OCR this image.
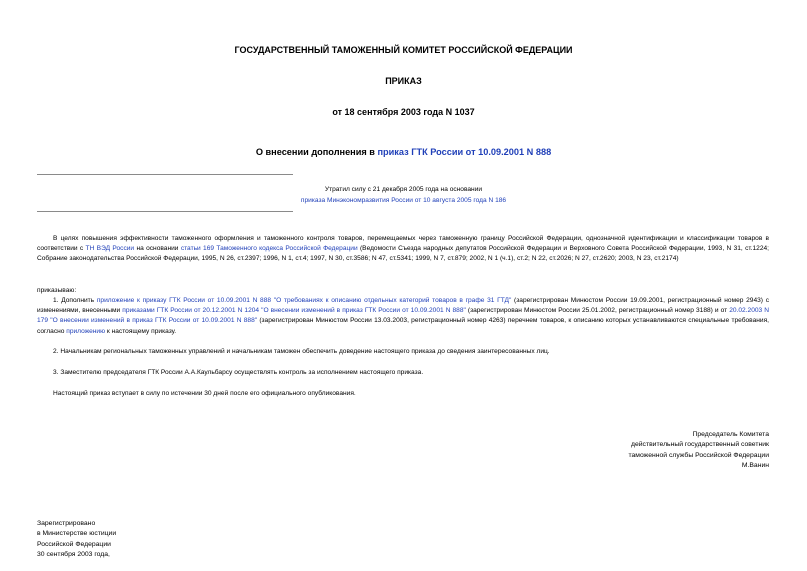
ГОСУДАРСТВЕННЫЙ ТАМОЖЕННЫЙ КОМИТЕТ РОССИЙСКОЙ ФЕДЕРАЦИИ
ПРИКАЗ
от 18 сентября 2003 года N 1037
О внесении дополнения в приказ ГТК России от 10.09.2001 N 888
Утратил силу с 21 декабря 2005 года на основании
приказа Минэкономразвития России от 10 августа 2005 года N 186
В целях повышения эффективности таможенного оформления и таможенного контроля товаров, перемещаемых через таможенную границу Российской Федерации, однозначной идентификации и классификации товаров в соответствии с ТН ВЭД России на основании статьи 169 Таможенного кодекса Российской Федерации (Ведомости Съезда народных депутатов Российской Федерации и Верховного Совета Российской Федерации, 1993, N 31, ст.1224; Собрание законодательства Российской Федерации, 1995, N 26, ст.2397; 1996, N 1, ст.4; 1997, N 30, ст.3586; N 47, ст.5341; 1999, N 7, ст.879; 2002, N 1 (ч.1), ст.2; N 22, ст.2026; N 27, ст.2620; 2003, N 23, ст.2174)
приказываю:
1. Дополнить приложение к приказу ГТК России от 10.09.2001 N 888 "О требованиях к описанию отдельных категорий товаров в графе 31 ГТД" (зарегистрирован Минюстом России 19.09.2001, регистрационный номер 2943) с изменениями, внесенными приказами ГТК России от 20.12.2001 N 1204 "О внесении изменений в приказ ГТК России от 10.09.2001 N 888" (зарегистрирован Минюстом России 25.01.2002, регистрационный номер 3188) и от 20.02.2003 N 179 "О внесении изменений в приказ ГТК России от 10.09.2001 N 888" (зарегистрирован Минюстом России 13.03.2003, регистрационный номер 4263) перечнем товаров, к описанию которых устанавливаются специальные требования, согласно приложению к настоящему приказу.
2. Начальникам региональных таможенных управлений и начальникам таможен обеспечить доведение настоящего приказа до сведения заинтересованных лиц.
3. Заместителю председателя ГТК России А.А.Каульбарсу осуществлять контроль за исполнением настоящего приказа.
Настоящий приказ вступает в силу по истечении 30 дней после его официального опубликования.
Председатель Комитета
действительный государственный советник
таможенной службы Российской Федерации
М.Ванин
Зарегистрировано
в Министерстве юстиции
Российской Федерации
30 сентября 2003 года,
